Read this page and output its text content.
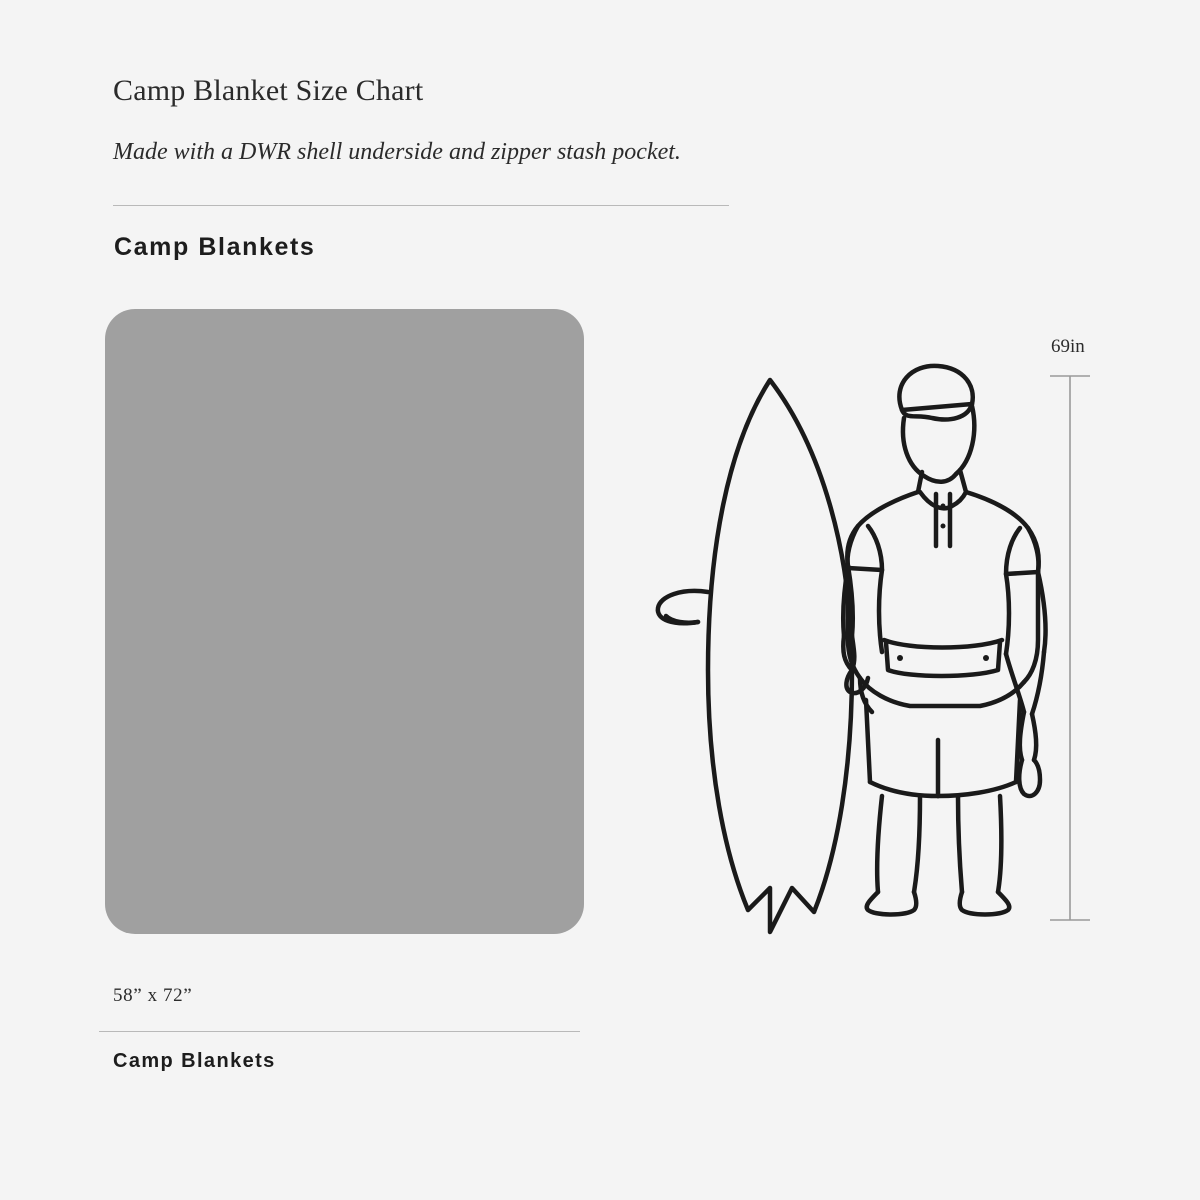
Camp Blanket Size Chart
Made with a DWR shell underside and zipper stash pocket.
Camp Blankets
58” x 72”
Camp Blankets
69in
